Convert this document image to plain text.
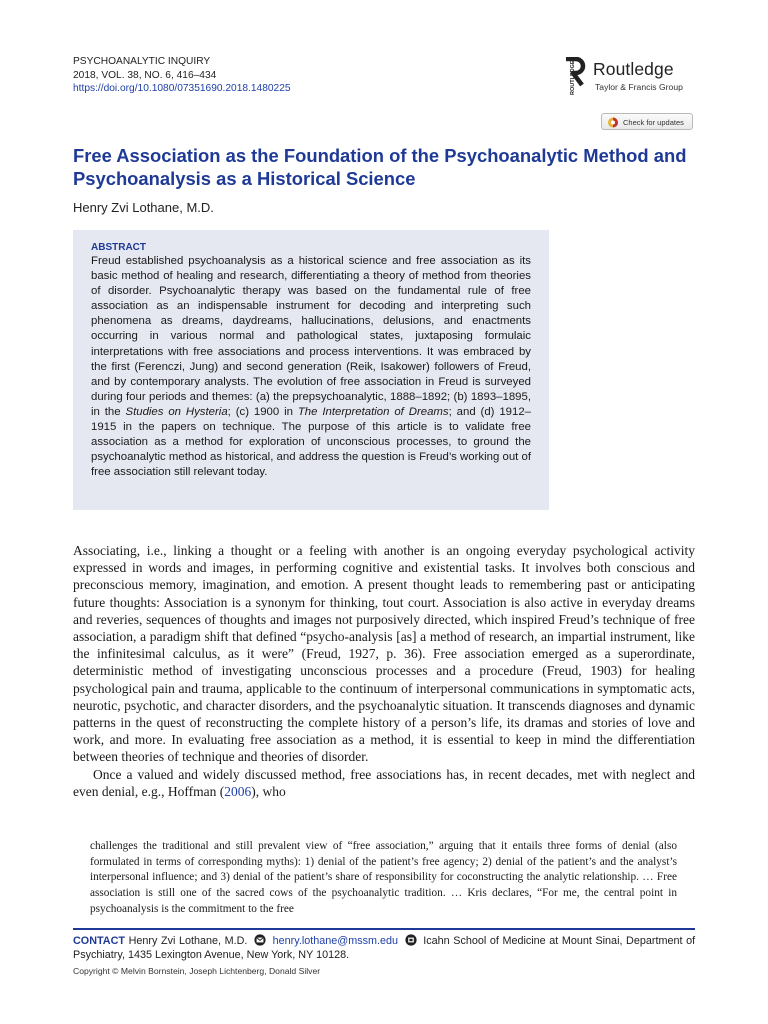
PSYCHOANALYTIC INQUIRY
2018, VOL. 38, NO. 6, 416–434
https://doi.org/10.1080/07351690.2018.1480225	ROUTLEDGE Routledge
Taylor & Francis Group
Check for updates
Free Association as the Foundation of the Psychoanalytic Method and Psychoanalysis as a Historical Science
Henry Zvi Lothane, M.D.
ABSTRACT
Freud established psychoanalysis as a historical science and free association as its basic method of healing and research, differentiating a theory of method from theories of disorder. Psychoanalytic therapy was based on the fundamental rule of free association as an indispensable instrument for decoding and interpreting such phenomena as dreams, daydreams, hallucinations, delusions, and enactments occurring in various normal and pathological states, juxtaposing formulaic interpretations with free associations and process interventions. It was embraced by the first (Ferenczi, Jung) and second generation (Reik, Isakower) followers of Freud, and by contemporary analysts. The evolution of free association in Freud is surveyed during four periods and themes: (a) the prepsychoanalytic, 1888–1892; (b) 1893–1895, in the Studies on Hysteria; (c) 1900 in The Interpretation of Dreams; and (d) 1912–1915 in the papers on technique. The purpose of this article is to validate free association as a method for exploration of unconscious processes, to ground the psychoanalytic method as historical, and address the question is Freud’s working out of free association still relevant today.

Associating, i.e., linking a thought or a feeling with another is an ongoing everyday psychological activity expressed in words and images, in performing cognitive and existential tasks. It involves both conscious and preconscious memory, imagination, and emotion. A present thought leads to remembering past or anticipating future thoughts: Association is a synonym for thinking, tout court. Association is also active in everyday dreams and reveries, sequences of thoughts and images not purposively directed, which inspired Freud’s technique of free association, a paradigm shift that defined “psycho-analysis [as] a method of research, an impartial instrument, like the infinitesimal calculus, as it were” (Freud, 1927, p. 36). Free association emerged as a superordinate, deterministic method of investigating unconscious processes and a procedure (Freud, 1903) for healing psychological pain and trauma, applicable to the continuum of interpersonal communications in symptomatic acts, neurotic, psychotic, and character disorders, and the psychoanalytic situation. It transcends diagnoses and dynamic patterns in the quest of reconstructing the complete history of a person’s life, its dramas and stories of love and work, and more. In evaluating free association as a method, it is essential to keep in mind the differentiation between theories of technique and theories of disorder.

Once a valued and widely discussed method, free associations has, in recent decades, met with neglect and even denial, e.g., Hoffman (2006), who

challenges the traditional and still prevalent view of “free association,” arguing that it entails three forms of denial (also formulated in terms of corresponding myths): 1) denial of the patient’s free agency; 2) denial of the patient’s and the analyst’s interpersonal influence; and 3) denial of the patient’s share of responsibility for coconstructing the analytic relationship. … Free association is still one of the sacred cows of the psychoanalytic tradition. … Kris declares, “For me, the central point in psychoanalysis is the commitment to the free
CONTACT Henry Zvi Lothane, M.D. henry.lothane@mssm.edu Icahn School of Medicine at Mount Sinai, Department of Psychiatry, 1435 Lexington Avenue, New York, NY 10128.
Copyright © Melvin Bornstein, Joseph Lichtenberg, Donald Silver
